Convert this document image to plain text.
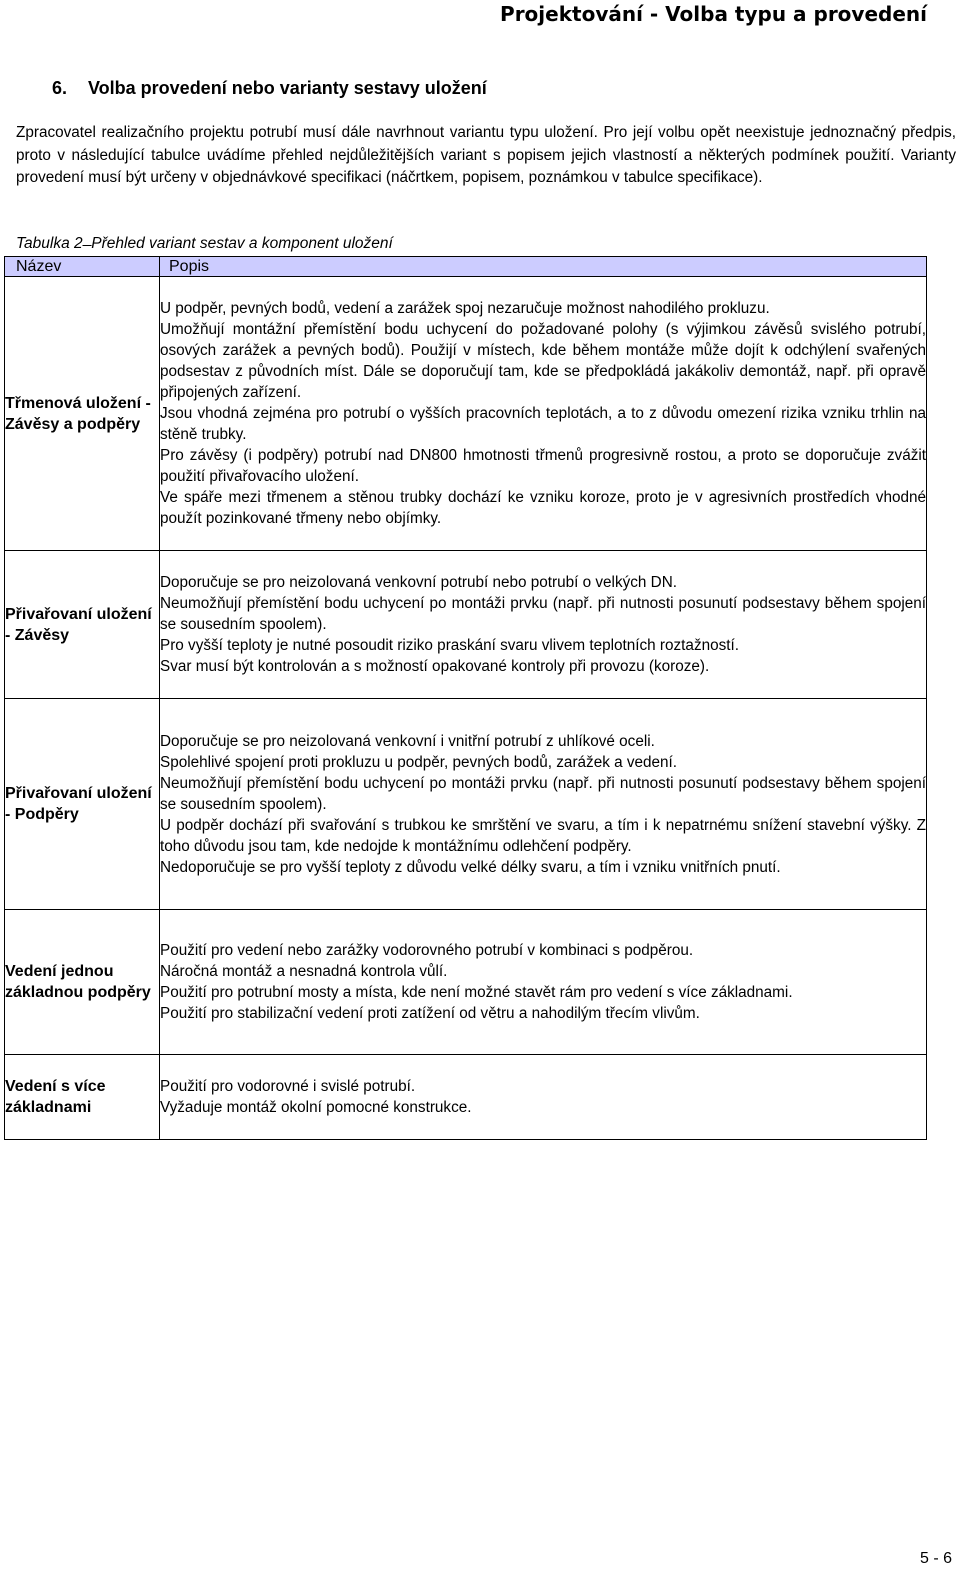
Projektování - Volba typu a provedení
6. Volba provedení nebo varianty sestavy uložení

Zpracovatel realizačního projektu potrubí musí dále navrhnout variantu typu uložení. Pro její volbu opět neexistuje jednoznačný předpis, proto v následující tabulce uvádíme přehled nejdůležitějších variant s popisem jejich vlastností a některých podmínek použití. Varianty provedení musí být určeny v objednávkové specifikaci (náčrtkem, popisem, poznámkou v tabulce specifikace).

Tabulka 2 ̶ Přehled variant sestav a komponent uložení
Název	Popis
Třmenová uložení - Závěsy a podpěry	U podpěr, pevných bodů, vedení a zarážek spoj nezaručuje možnost nahodilého prokluzu.
Umožňují montážní přemístění bodu uchycení do požadované polohy (s výjimkou závěsů svislého potrubí, osových zarážek a pevných bodů). Použijí v místech, kde během montáže může dojít k odchýlení svařených podsestav z původních míst. Dále se doporučují tam, kde se předpokládá jakákoliv demontáž, např. při opravě připojených zařízení.
Jsou vhodná zejména pro potrubí o vyšších pracovních teplotách, a to z důvodu omezení rizika vzniku trhlin na stěně trubky.
Pro závěsy (i podpěry) potrubí nad DN800 hmotnosti třmenů progresivně rostou, a proto se doporučuje zvážit použití přivařovacího uložení.
Ve spáře mezi třmenem a stěnou trubky dochází ke vzniku koroze, proto je v agresivních prostředích vhodné použít pozinkované třmeny nebo objímky.

Přivařovaní uložení - Závěsy	Doporučuje se pro neizolovaná venkovní potrubí nebo potrubí o velkých DN.
Neumožňují přemístění bodu uchycení po montáži prvku (např. při nutnosti posunutí podsestavy během spojení se sousedním spoolem).
Pro vyšší teploty je nutné posoudit riziko praskání svaru vlivem teplotních roztažností.
Svar musí být kontrolován a s možností opakované kontroly při provozu (koroze).

Přivařovaní uložení - Podpěry	Doporučuje se pro neizolovaná venkovní i vnitřní potrubí z uhlíkové oceli.
Spolehlivé spojení proti prokluzu u podpěr, pevných bodů, zarážek a vedení.
Neumožňují přemístění bodu uchycení po montáži prvku (např. při nutnosti posunutí podsestavy během spojení se sousedním spoolem).
U podpěr dochází při svařování s trubkou ke smrštění ve svaru, a tím i k nepatrnému snížení stavební výšky. Z toho důvodu jsou tam, kde nedojde k montážnímu odlehčení podpěry.
Nedoporučuje se pro vyšší teploty z důvodu velké délky svaru, a tím i vzniku vnitřních pnutí.

Vedení jednou základnou podpěry	Použití pro vedení nebo zarážky vodorovného potrubí v kombinaci s podpěrou.
Náročná montáž a nesnadná kontrola vůlí.
Použití pro potrubní mosty a místa, kde není možné stavět rám pro vedení s více základnami.
Použití pro stabilizační vedení proti zatížení od větru a nahodilým třecím vlivům.

Vedení s více základnami	Použití pro vodorovné i svislé potrubí.
Vyžaduje montáž okolní pomocné konstrukce.
5 - 6
